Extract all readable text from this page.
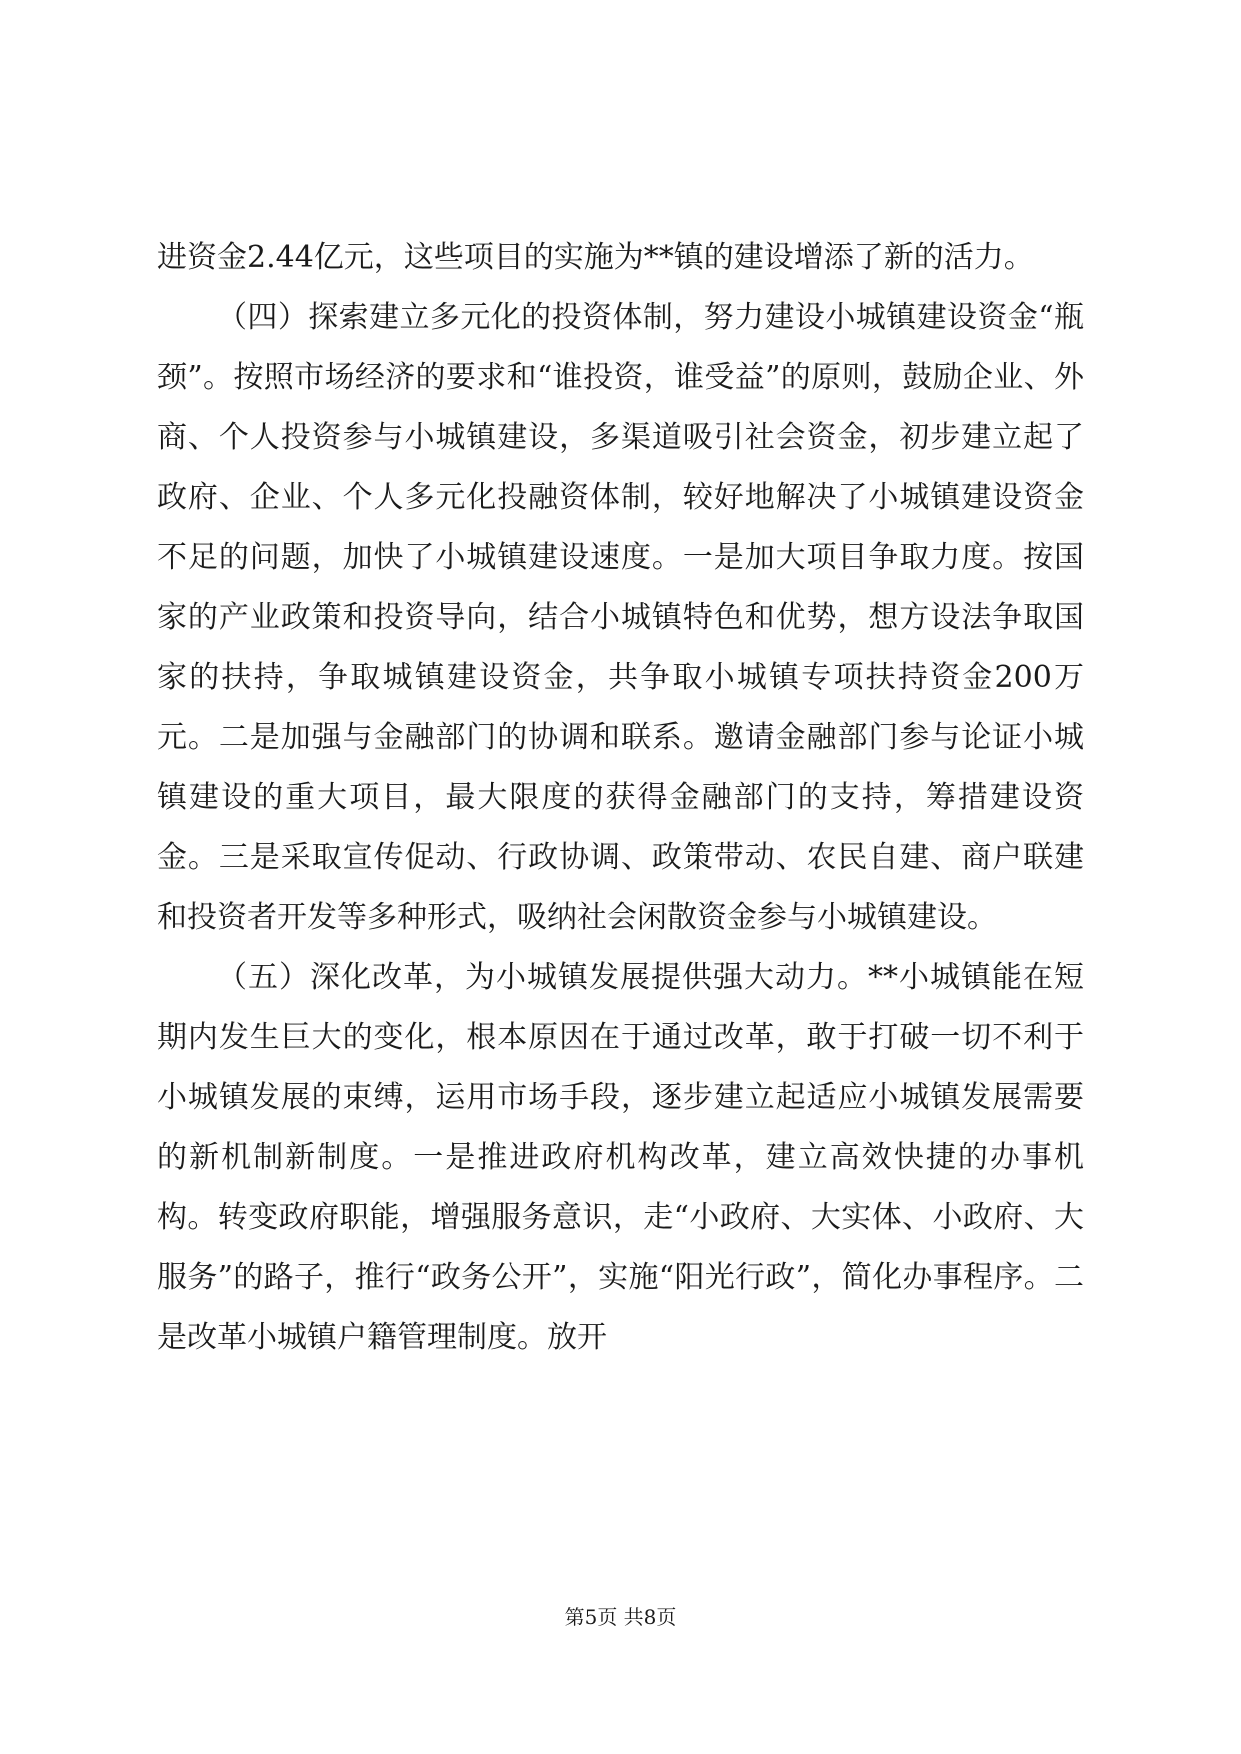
进资金2.44亿元，这些项目的实施为**镇的建设增添了新的活力。

（四）探索建立多元化的投资体制，努力建设小城镇建设资金“瓶颈”。按照市场经济的要求和“谁投资，谁受益”的原则，鼓励企业、外商、个人投资参与小城镇建设，多渠道吸引社会资金，初步建立起了政府、企业、个人多元化投融资体制，较好地解决了小城镇建设资金不足的问题，加快了小城镇建设速度。一是加大项目争取力度。按国家的产业政策和投资导向，结合小城镇特色和优势，想方设法争取国家的扶持，争取城镇建设资金，共争取小城镇专项扶持资金200万元。二是加强与金融部门的协调和联系。邀请金融部门参与论证小城镇建设的重大项目，最大限度的获得金融部门的支持，筹措建设资金。三是采取宣传促动、行政协调、政策带动、农民自建、商户联建和投资者开发等多种形式，吸纳社会闲散资金参与小城镇建设。

（五）深化改革，为小城镇发展提供强大动力。**小城镇能在短期内发生巨大的变化，根本原因在于通过改革，敢于打破一切不利于小城镇发展的束缚，运用市场手段，逐步建立起适应小城镇发展需要的新机制新制度。一是推进政府机构改革，建立高效快捷的办事机构。转变政府职能，增强服务意识，走“小政府、大实体、小政府、大服务”的路子，推行“政务公开”，实施“阳光行政”，简化办事程序。二是改革小城镇户籍管理制度。放开

第5页 共8页
